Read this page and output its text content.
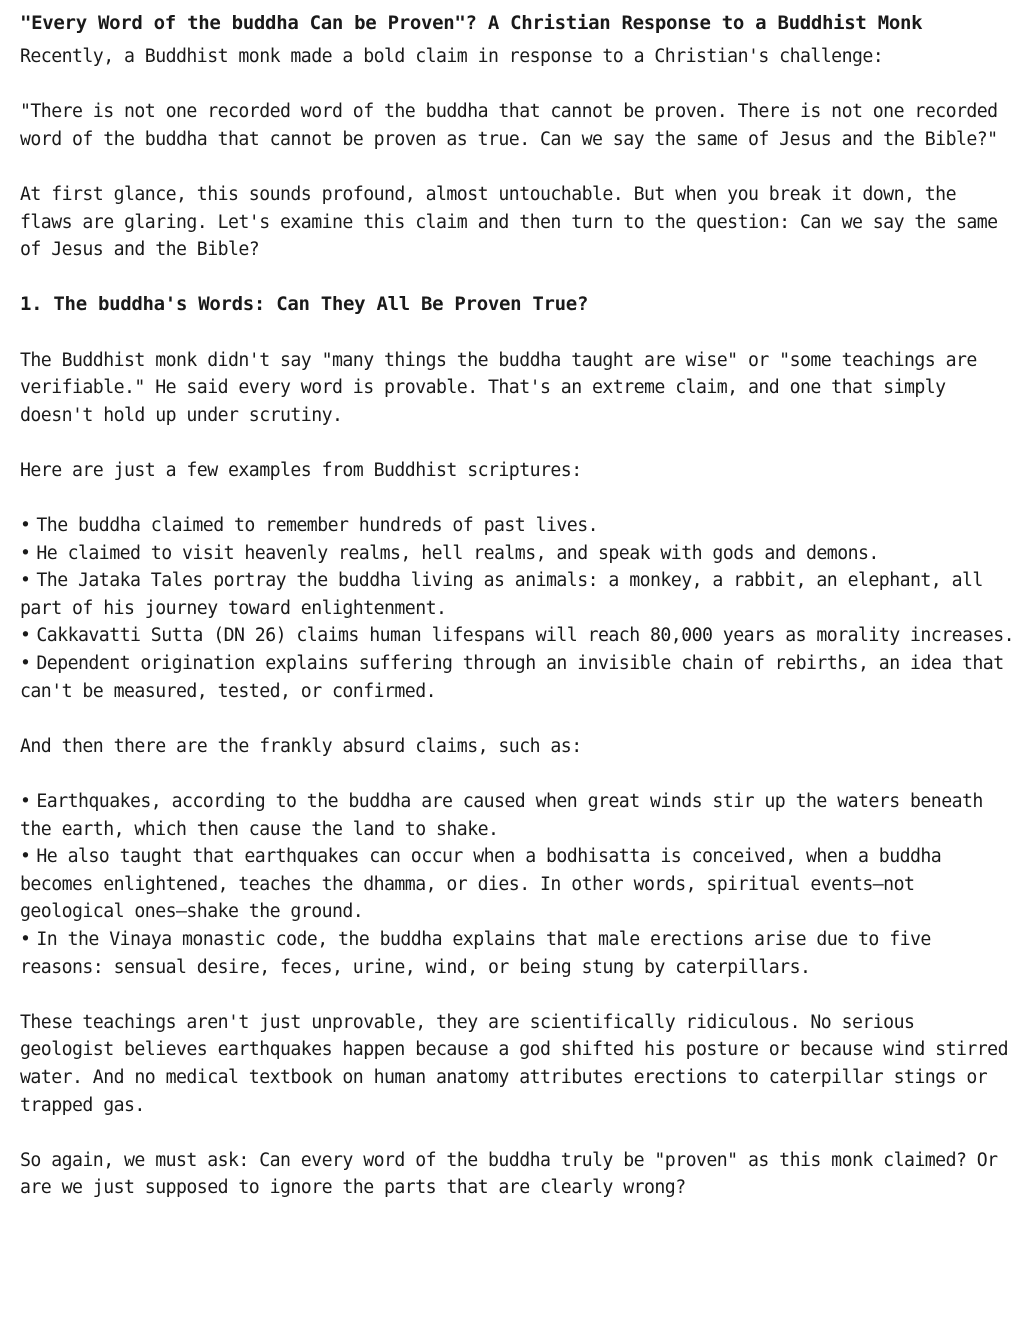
"Every Word of the buddha Can be Proven"? A Christian Response to a Buddhist Monk

Recently, a Buddhist monk made a bold claim in response to a Christian's challenge:

"There is not one recorded word of the buddha that cannot be proven. There is not one recorded word of the buddha that cannot be proven as true. Can we say the same of Jesus and the Bible?"

At first glance, this sounds profound, almost untouchable. But when you break it down, the flaws are glaring. Let's examine this claim and then turn to the question: Can we say the same of Jesus and the Bible?

1. The buddha's Words: Can They All Be Proven True?

The Buddhist monk didn't say "many things the buddha taught are wise" or "some teachings are verifiable." He said every word is provable. That's an extreme claim, and one that simply doesn't hold up under scrutiny.

Here are just a few examples from Buddhist scriptures:

• The buddha claimed to remember hundreds of past lives.
• He claimed to visit heavenly realms, hell realms, and speak with gods and demons.
• The Jataka Tales portray the buddha living as animals: a monkey, a rabbit, an elephant, all part of his journey toward enlightenment.
• Cakkavatti Sutta (DN 26) claims human lifespans will reach 80,000 years as morality increases.
• Dependent origination explains suffering through an invisible chain of rebirths, an idea that can't be measured, tested, or confirmed.

And then there are the frankly absurd claims, such as:

• Earthquakes, according to the buddha are caused when great winds stir up the waters beneath the earth, which then cause the land to shake.
• He also taught that earthquakes can occur when a bodhisatta is conceived, when a buddha becomes enlightened, teaches the dhamma, or dies. In other words, spiritual events—not geological ones—shake the ground.
• In the Vinaya monastic code, the buddha explains that male erections arise due to five reasons: sensual desire, feces, urine, wind, or being stung by caterpillars.

These teachings aren't just unprovable, they are scientifically ridiculous. No serious geologist believes earthquakes happen because a god shifted his posture or because wind stirred water. And no medical textbook on human anatomy attributes erections to caterpillar stings or trapped gas.

So again, we must ask: Can every word of the buddha truly be "proven" as this monk claimed? Or are we just supposed to ignore the parts that are clearly wrong?
